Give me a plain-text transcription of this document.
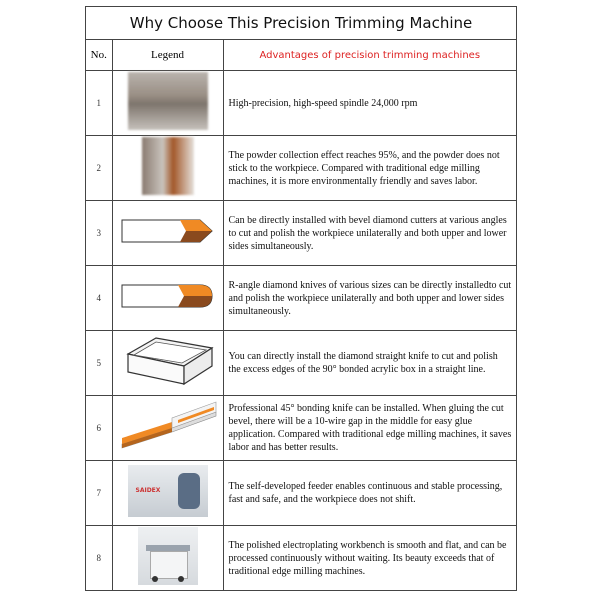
Why Choose This Precision Trimming Machine
No.	Legend	Advantages of precision trimming machines
1		High-precision, high-speed spindle 24,000 rpm
2		The powder collection effect reaches 95%, and the powder does not stick to the workpiece. Compared with traditional edge milling machines, it is more environmentally friendly and saves labor.
3		Can be directly installed with bevel diamond cutters at various angles to cut and polish the workpiece unilaterally and both upper and lower sides simultaneously.
4		R-angle diamond knives of various sizes can be directly installedto cut and polish the workpiece unilaterally and both upper and lower sides simultaneously.
5		You can directly install the diamond straight knife to cut and polish the excess edges of the 90° bonded acrylic box in a straight line.
6		Professional 45° bonding knife can be installed. When gluing the cut bevel, there will be a 10-wire gap in the middle for easy glue application. Compared with traditional edge milling machines, it saves labor and has better results.
7	SAIDEX	The self-developed feeder enables continuous and stable processing, fast and safe, and the workpiece does not shift.
8		The polished electroplating workbench is smooth and flat, and can be processed continuously without waiting. Its beauty exceeds that of traditional edge milling machines.
